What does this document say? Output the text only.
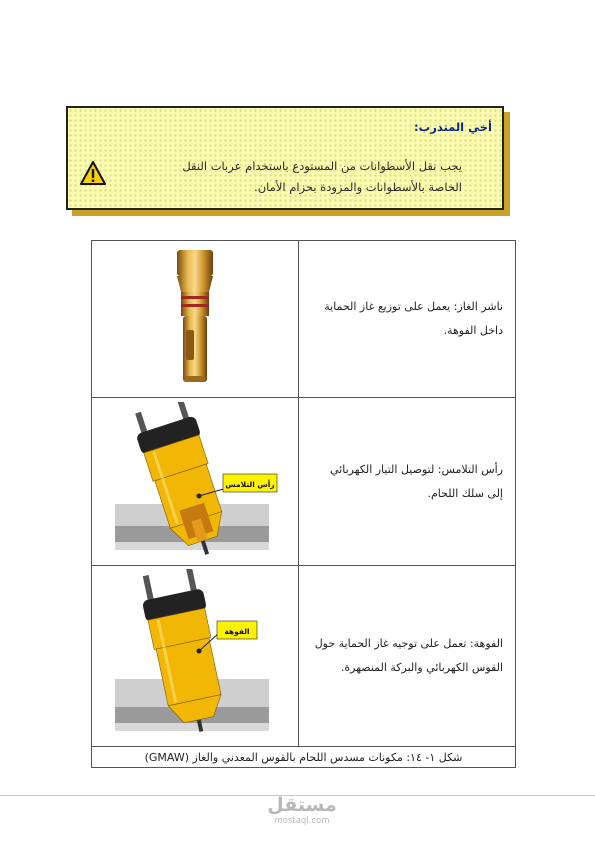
أخي المتدرب:
يجب نقل الأسطوانات من المستودع باستخدام عربات النقل
الخاصة بالأسطوانات والمزودة بحزام الأمان.

ناشر الغاز: يعمل على توزيع غاز الحماية
داخل الفوهة.

رأس التلامس	رأس التلامس: لتوصيل التيار الكهربائي
إلى سلك اللحام.

الفوهة	الفوهة: تعمل على توجيه غاز الحماية حول
القوس الكهربائي والبركة المنصهرة.

شكل ١- ١٤: مكونات مسدس اللحام بالقوس المعدني والغاز (GMAW)	
مستقل
mostaql.com
